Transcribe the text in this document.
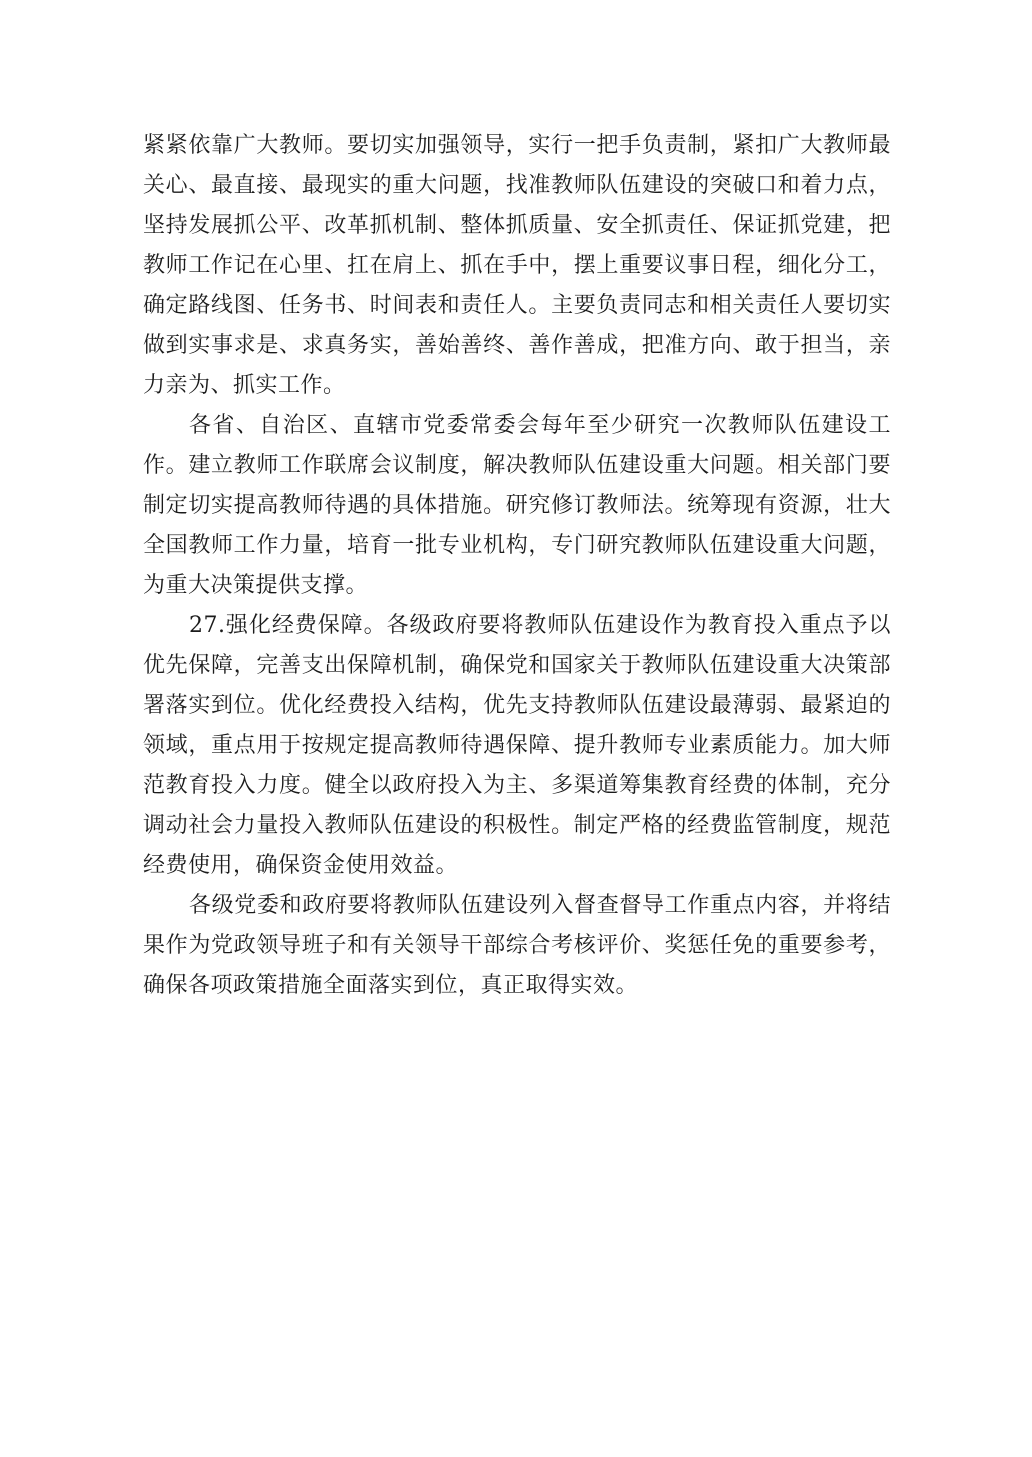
紧紧依靠广大教师。要切实加强领导，实行一把手负责制，紧扣广大教师最关心、最直接、最现实的重大问题，找准教师队伍建设的突破口和着力点，坚持发展抓公平、改革抓机制、整体抓质量、安全抓责任、保证抓党建，把教师工作记在心里、扛在肩上、抓在手中，摆上重要议事日程，细化分工，确定路线图、任务书、时间表和责任人。主要负责同志和相关责任人要切实做到实事求是、求真务实，善始善终、善作善成，把准方向、敢于担当，亲力亲为、抓实工作。

各省、自治区、直辖市党委常委会每年至少研究一次教师队伍建设工作。建立教师工作联席会议制度，解决教师队伍建设重大问题。相关部门要制定切实提高教师待遇的具体措施。研究修订教师法。统筹现有资源，壮大全国教师工作力量，培育一批专业机构，专门研究教师队伍建设重大问题，为重大决策提供支撑。

27.强化经费保障。各级政府要将教师队伍建设作为教育投入重点予以优先保障，完善支出保障机制，确保党和国家关于教师队伍建设重大决策部署落实到位。优化经费投入结构，优先支持教师队伍建设最薄弱、最紧迫的领域，重点用于按规定提高教师待遇保障、提升教师专业素质能力。加大师范教育投入力度。健全以政府投入为主、多渠道筹集教育经费的体制，充分调动社会力量投入教师队伍建设的积极性。制定严格的经费监管制度，规范经费使用，确保资金使用效益。

各级党委和政府要将教师队伍建设列入督查督导工作重点内容，并将结果作为党政领导班子和有关领导干部综合考核评价、奖惩任免的重要参考，确保各项政策措施全面落实到位，真正取得实效。
